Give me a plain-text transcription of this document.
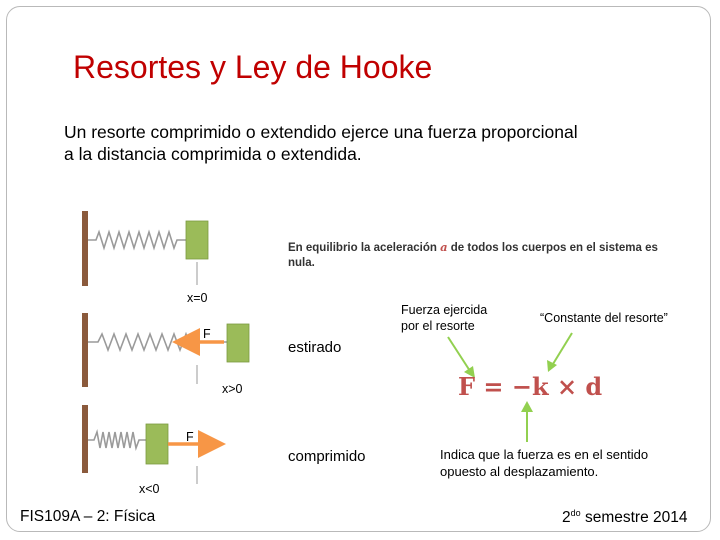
Resortes y Ley de Hooke
Un resorte comprimido o extendido ejerce una fuerza proporcional
a la distancia comprimida o extendida.
En equilibrio la aceleración a de todos los cuerpos en el sistema es
nula.
x=0
F
estirado
x>0
F
comprimido
x<0
Fuerza ejercida
por el resorte
“Constante del resorte”
F = −k × d
Indica que la fuerza es en el sentido
opuesto al desplazamiento.
FIS109A – 2: Física	$2^{do}$ semestre 2014
